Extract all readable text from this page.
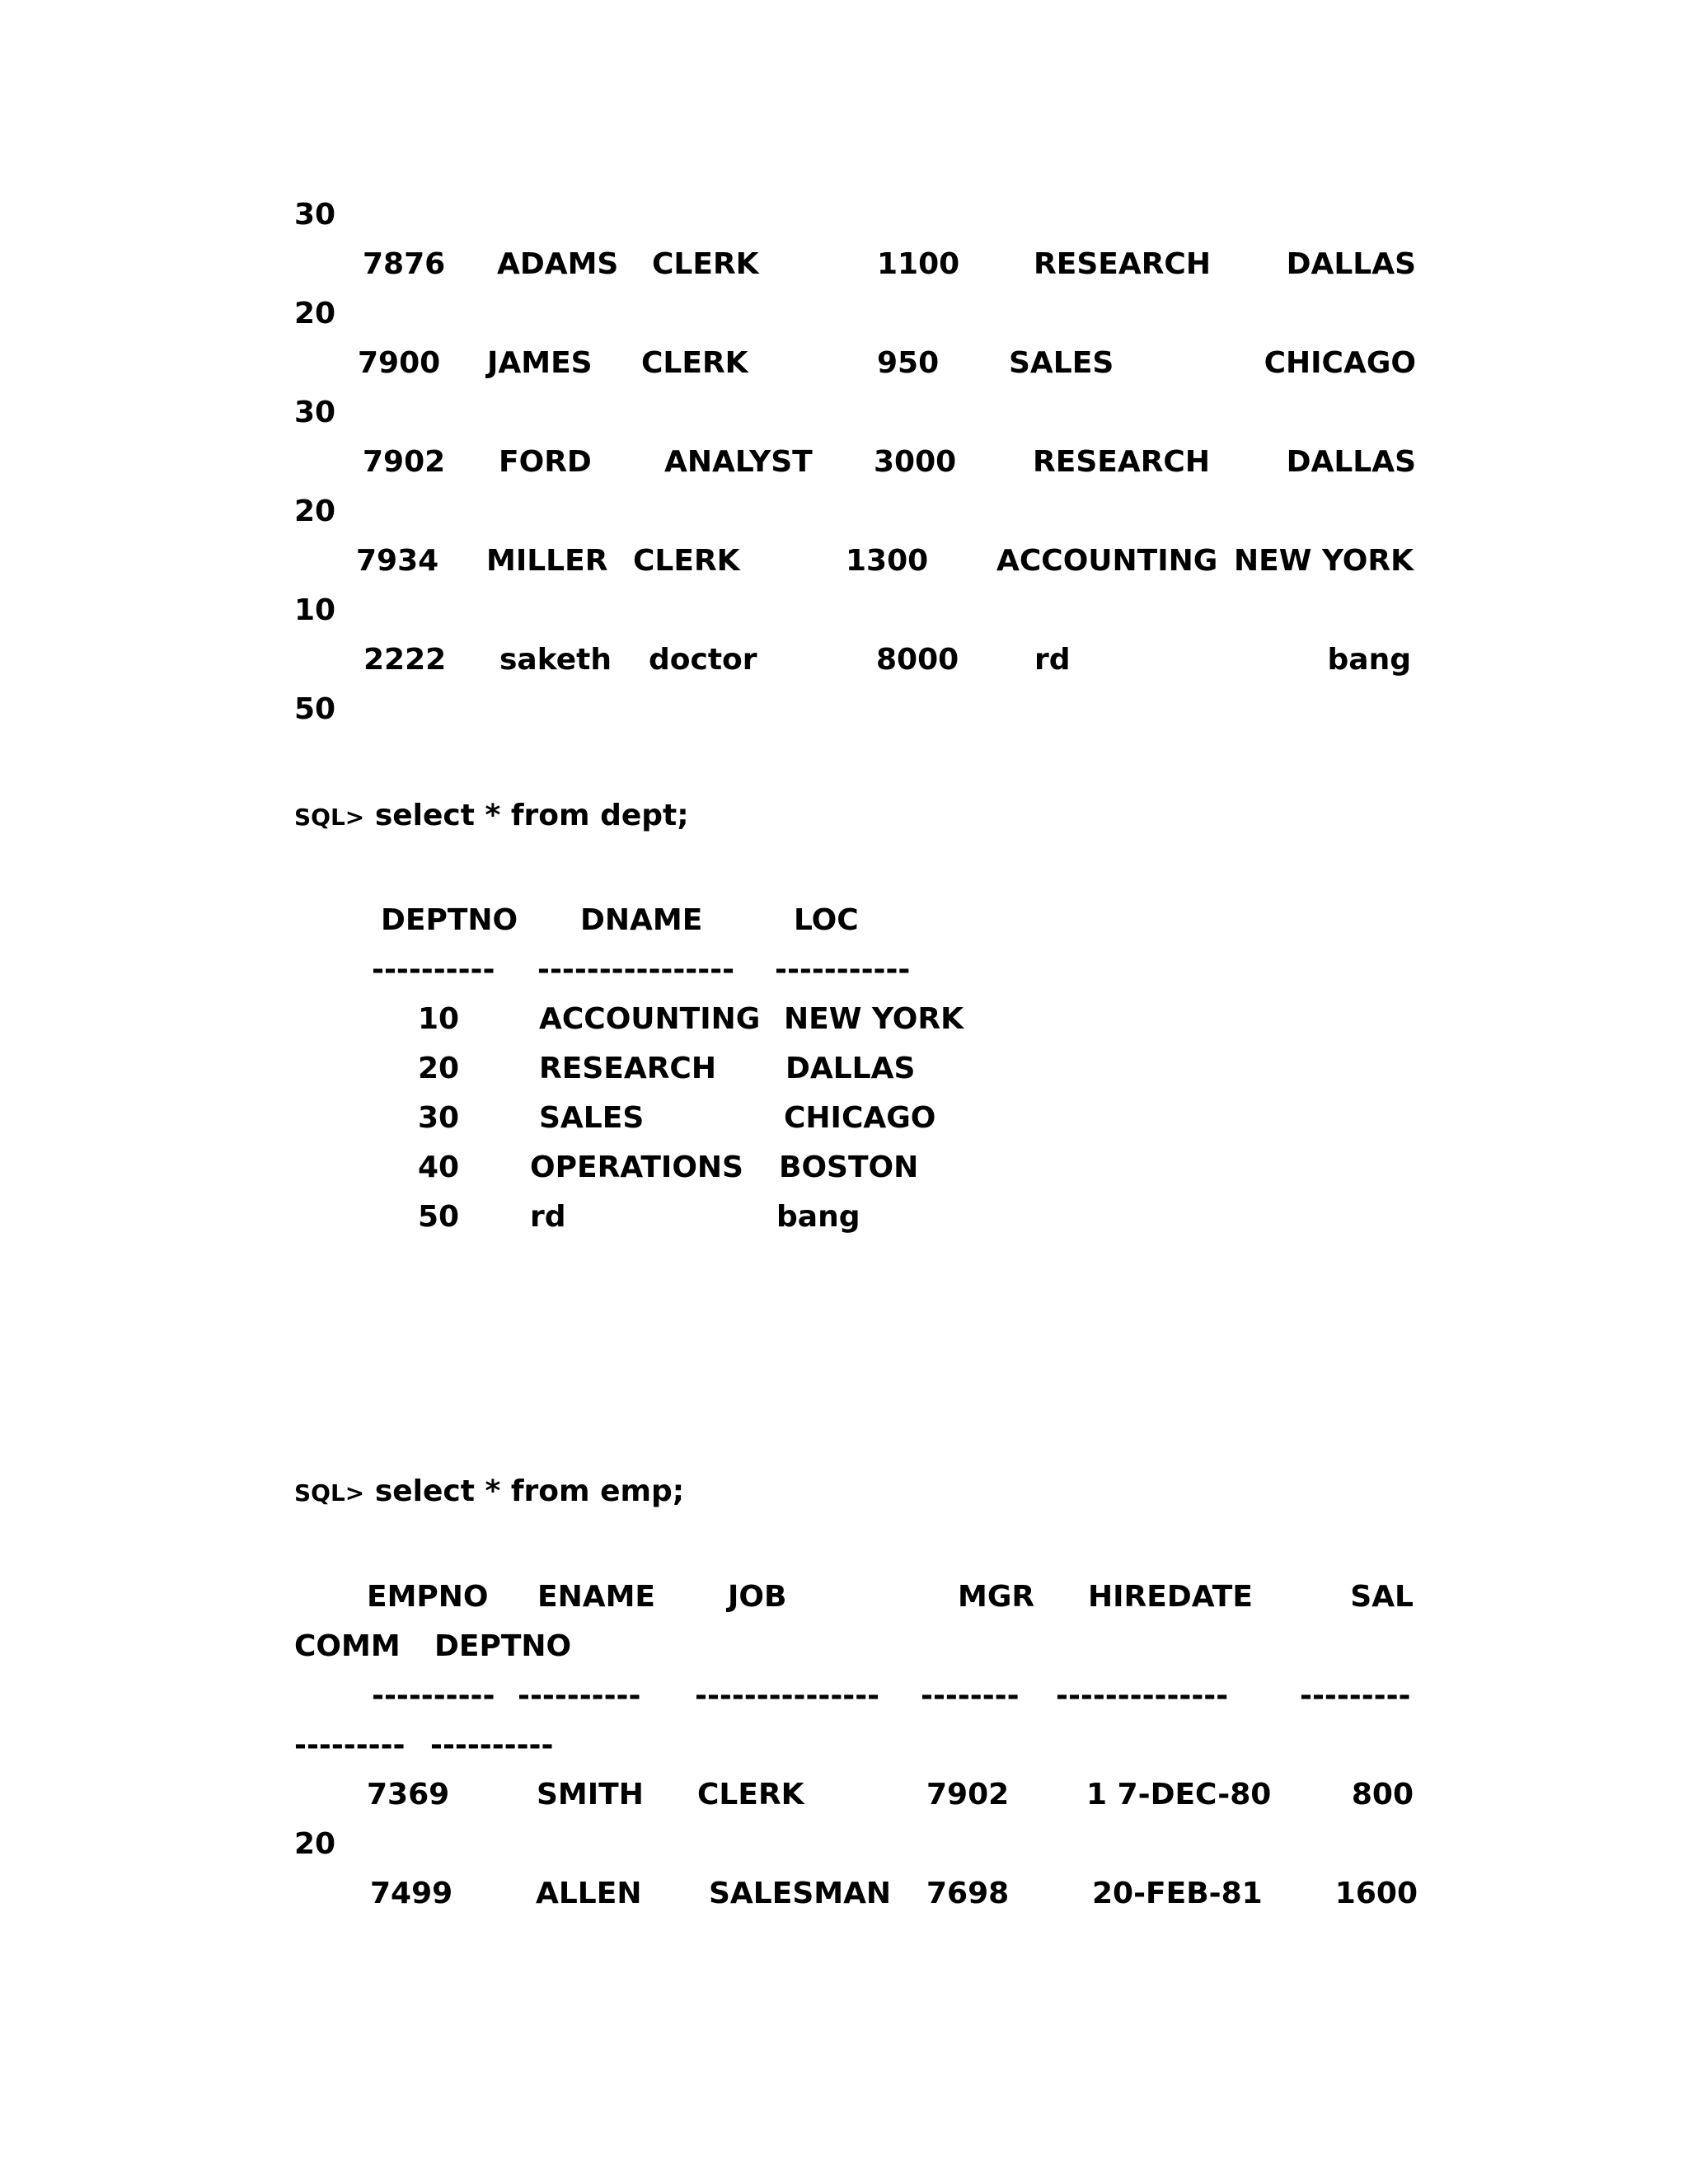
30
7876 ADAMS CLERK	1100 RESEARCH	DALLAS
20
7900 JAMES CLERK	950 SALES	CHICAGO
30
7902 FORD ANALYST 3000	RESEARCH	DALLAS
20
7934 MILLER CLERK	1300 ACCOUNTING NEW YORK
10
2222 saketh doctor	8000	rd	bang
50
SQL> select * from dept;
DEPTNO DNAME	LOC
---------- ---------------- -----------
10	ACCOUNTING NEW YORK
20	RESEARCH DALLAS
30	SALES	CHICAGO
40 OPERATIONS BOSTON
50 rd	bang
SQL> select * from emp;
EMPNO ENAME JOB	MGR HIREDATE	SAL
COMM DEPTNO
---------- ---------- --------------- -------- -------------- ---------
--------- ----------
7369	SMITH CLERK	7902	1 7-DEC-80	800
20
7499	ALLEN SALESMAN 7698	20-FEB-81 1600
